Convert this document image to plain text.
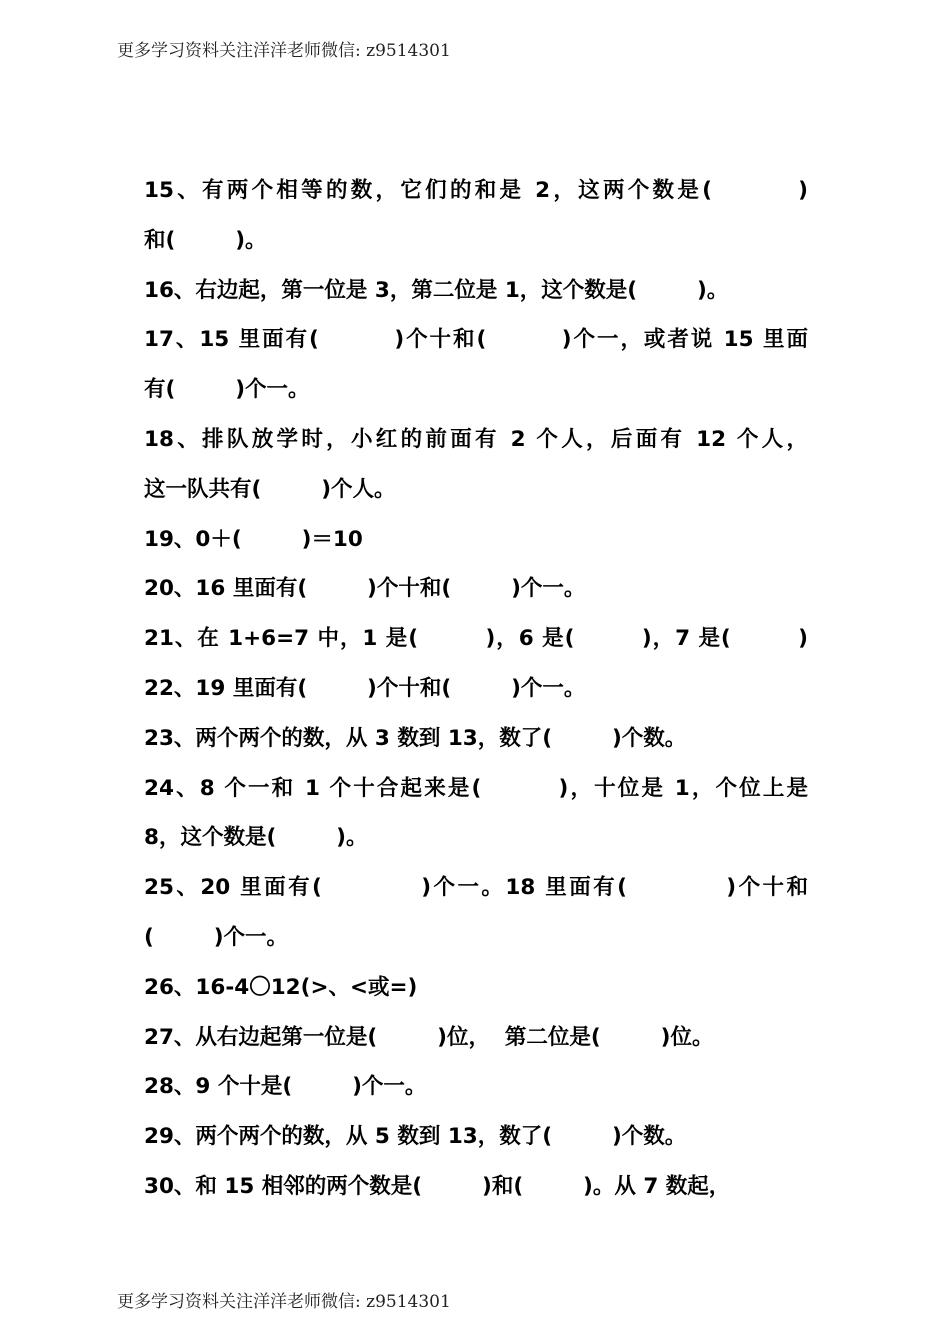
更多学习资料关注洋洋老师微信: z9514301
15、有两个相等的数，它们的和是 2，这两个数是(        )
和(        )。
16、右边起，第一位是 3，第二位是 1，这个数是(        )。
17、15 里面有(        )个十和(        )个一，或者说 15 里面
有(        )个一。
18、排队放学时，小红的前面有 2 个人，后面有 12 个人，
这一队共有(        )个人。
19、0＋(        )＝10
20、16 里面有(        )个十和(        )个一。
21、在 1+6=7 中，1 是(        )，6 是(        )，7 是(        )
22、19 里面有(        )个十和(        )个一。
23、两个两个的数，从 3 数到 13，数了(        )个数。
24、8 个一和 1 个十合起来是(        )，十位是 1，个位上是
8，这个数是(        )。
25、20 里面有(          )个一。18 里面有(          )个十和
(        )个一。
26、16-4〇12(>、<或=)
27、从右边起第一位是(        )位，  第二位是(        )位。
28、9 个十是(        )个一。
29、两个两个的数，从 5 数到 13，数了(        )个数。
30、和 15 相邻的两个数是(        )和(        )。从 7 数起，
更多学习资料关注洋洋老师微信: z9514301
